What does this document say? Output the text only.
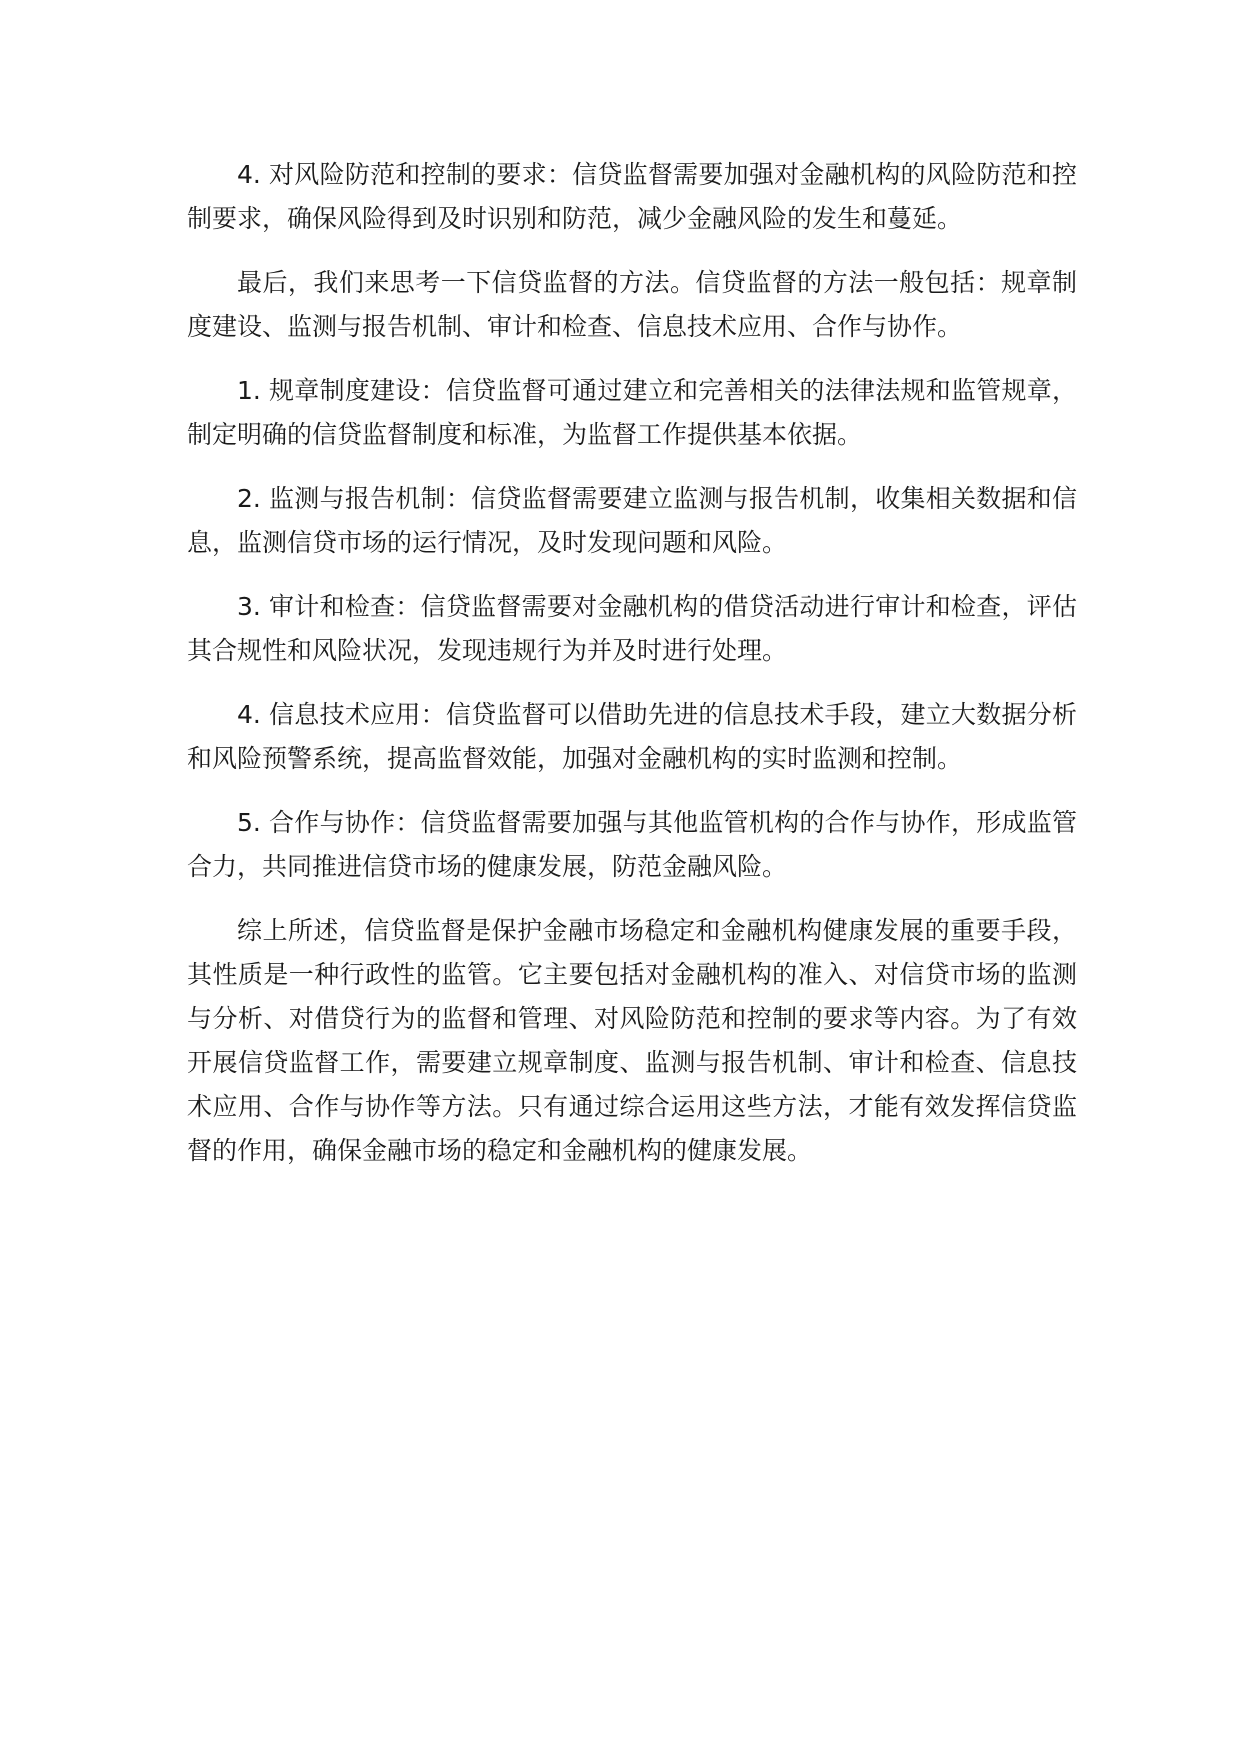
4. 对风险防范和控制的要求：信贷监督需要加强对金融机构的风险防范和控制要求，确保风险得到及时识别和防范，减少金融风险的发生和蔓延。

最后，我们来思考一下信贷监督的方法。信贷监督的方法一般包括：规章制度建设、监测与报告机制、审计和检查、信息技术应用、合作与协作。

1. 规章制度建设：信贷监督可通过建立和完善相关的法律法规和监管规章，制定明确的信贷监督制度和标准，为监督工作提供基本依据。

2. 监测与报告机制：信贷监督需要建立监测与报告机制，收集相关数据和信息，监测信贷市场的运行情况，及时发现问题和风险。

3. 审计和检查：信贷监督需要对金融机构的借贷活动进行审计和检查，评估其合规性和风险状况，发现违规行为并及时进行处理。

4. 信息技术应用：信贷监督可以借助先进的信息技术手段，建立大数据分析和风险预警系统，提高监督效能，加强对金融机构的实时监测和控制。

5. 合作与协作：信贷监督需要加强与其他监管机构的合作与协作，形成监管合力，共同推进信贷市场的健康发展，防范金融风险。

综上所述，信贷监督是保护金融市场稳定和金融机构健康发展的重要手段，其性质是一种行政性的监管。它主要包括对金融机构的准入、对信贷市场的监测与分析、对借贷行为的监督和管理、对风险防范和控制的要求等内容。为了有效开展信贷监督工作，需要建立规章制度、监测与报告机制、审计和检查、信息技术应用、合作与协作等方法。只有通过综合运用这些方法，才能有效发挥信贷监督的作用，确保金融市场的稳定和金融机构的健康发展。
